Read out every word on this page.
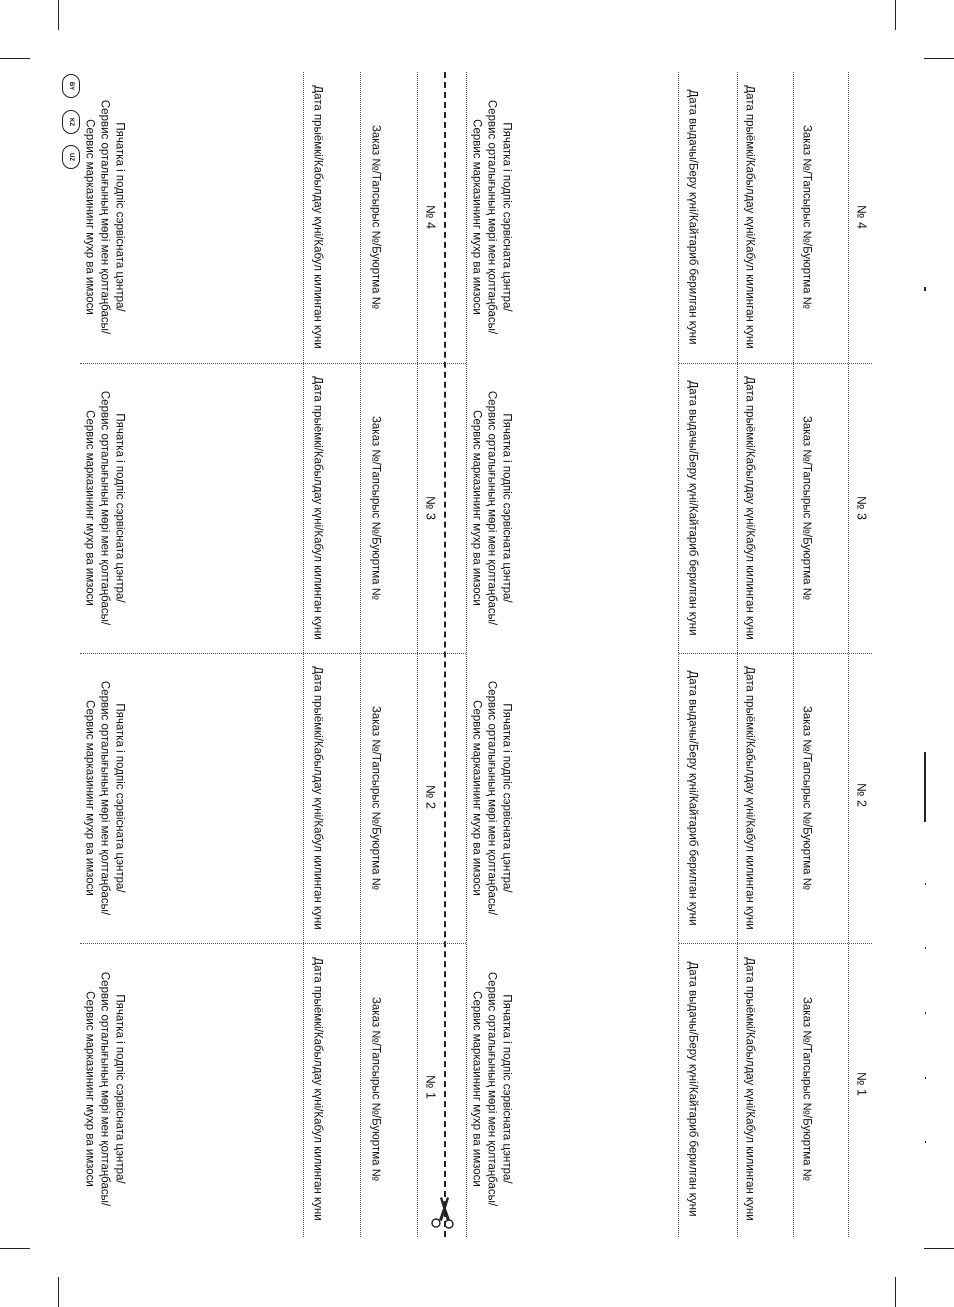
№ 1
Заказ №/Тапсырыс №/Буюртма №
Дата прыёмкі/Кабылдау күні/Кабул килинган куни
Дата выдачы/Беру күні/Кайтариб берилган куни
Пячатка і подпіс сэрвісната цэнтра/
Сервис орталығының мөрі мен қолтаңбасы/
Сервис марказининг мухр ва имзоси
№ 1
Заказ №/Тапсырыс №/Буюртма №
Дата прыёмкі/Кабылдау күні/Кабул килинган куни
Пячатка і подпіс сэрвісната цэнтра/
Сервис орталығының мөрі мен қолтаңбасы/
Сервис марказининг мухр ва имзоси
№ 2
Заказ №/Тапсырыс №/Буюртма №
Дата прыёмкі/Кабылдау күні/Кабул килинган куни
Дата выдачы/Беру күні/Кайтариб берилган куни
Пячатка і подпіс сэрвісната цэнтра/
Сервис орталығының мөрі мен қолтаңбасы/
Сервис марказининг мухр ва имзоси
№ 2
Заказ №/Тапсырыс №/Буюртма №
Дата прыёмкі/Кабылдау күні/Кабул килинган куни
Пячатка і подпіс сэрвісната цэнтра/
Сервис орталығының мөрі мен қолтаңбасы/
Сервис марказининг мухр ва имзоси
№ 3
Заказ №/Тапсырыс №/Буюртма №
Дата прыёмкі/Кабылдау күні/Кабул килинган куни
Дата выдачы/Беру күні/Кайтариб берилган куни
Пячатка і подпіс сэрвісната цэнтра/
Сервис орталығының мөрі мен қолтаңбасы/
Сервис марказининг мухр ва имзоси
№ 3
Заказ №/Тапсырыс №/Буюртма №
Дата прыёмкі/Кабылдау күні/Кабул килинган куни
Пячатка і подпіс сэрвісната цэнтра/
Сервис орталығының мөрі мен қолтаңбасы/
Сервис марказининг мухр ва имзоси
№ 4
Заказ №/Тапсырыс №/Буюртма №
Дата прыёмкі/Кабылдау күні/Кабул килинган куни
Дата выдачы/Беру күні/Кайтариб берилган куни
Пячатка і подпіс сэрвісната цэнтра/
Сервис орталығының мөрі мен қолтаңбасы/
Сервис марказининг мухр ва имзоси
№ 4
Заказ №/Тапсырыс №/Буюртма №
Дата прыёмкі/Кабылдау күні/Кабул килинган куни
Пячатка і подпіс сэрвісната цэнтра/
Сервис орталығының мөрі мен қолтаңбасы/
Сервис марказининг мухр ва имзоси
BY
KZ
UZ
